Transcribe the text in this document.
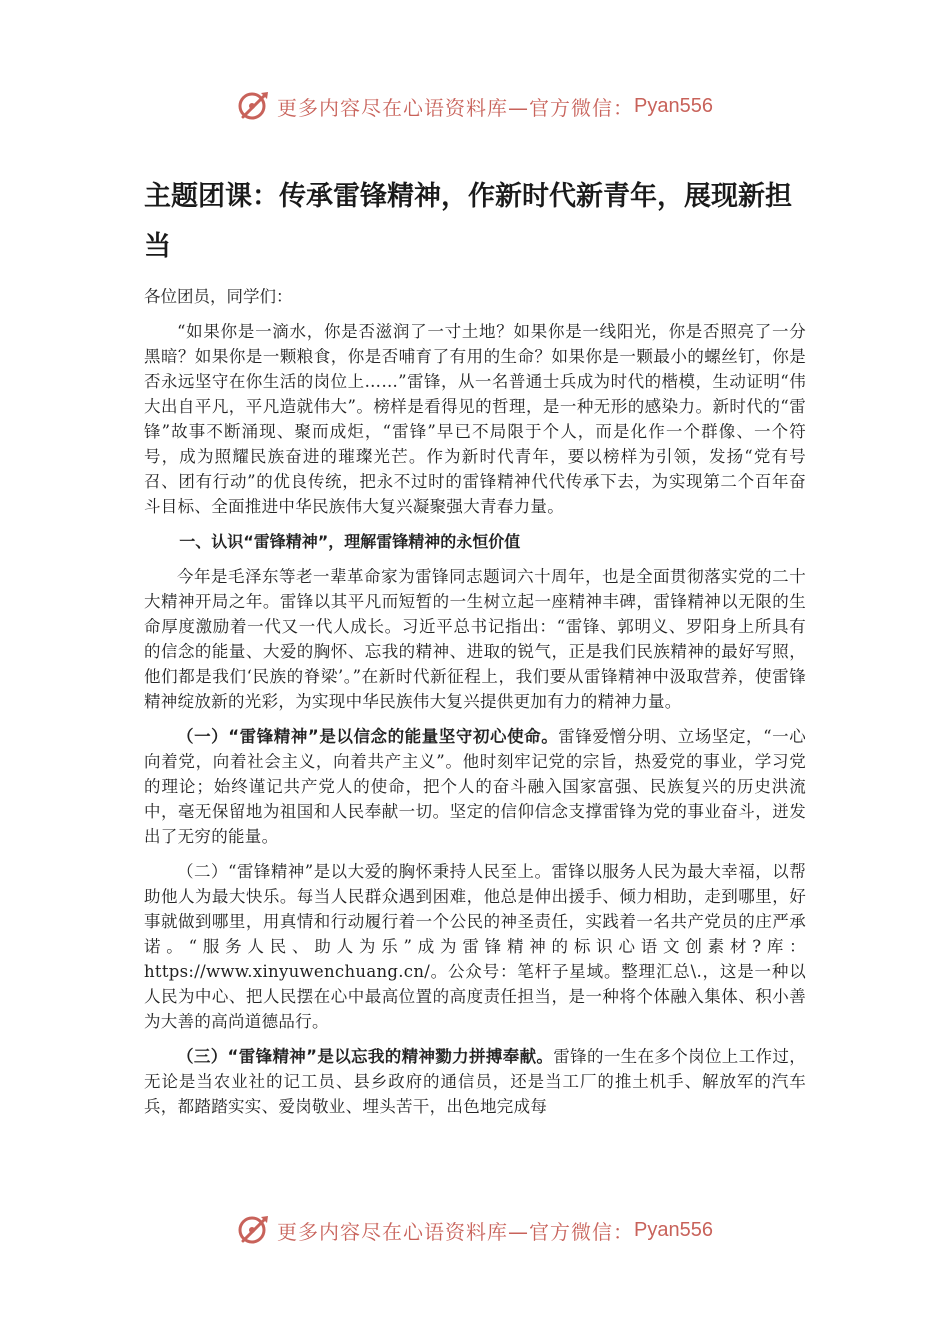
更多内容尽在心语资料库—官方微信： Pyan556
主题团课：传承雷锋精神，作新时代新青年，展现新担当
各位团员，同学们：

“如果你是一滴水，你是否滋润了一寸土地？如果你是一线阳光，你是否照亮了一分黑暗？如果你是一颗粮食，你是否哺育了有用的生命？如果你是一颗最小的螺丝钉，你是否永远坚守在你生活的岗位上……”雷锋，从一名普通士兵成为时代的楷模，生动证明“伟大出自平凡，平凡造就伟大”。榜样是看得见的哲理，是一种无形的感染力。新时代的“雷锋”故事不断涌现、聚而成炬，“雷锋”早已不局限于个人，而是化作一个群像、一个符号，成为照耀民族奋进的璀璨光芒。作为新时代青年，要以榜样为引领，发扬“党有号召、团有行动”的优良传统，把永不过时的雷锋精神代代传承下去，为实现第二个百年奋斗目标、全面推进中华民族伟大复兴凝聚强大青春力量。

一、认识“雷锋精神”，理解雷锋精神的永恒价值

今年是毛泽东等老一辈革命家为雷锋同志题词六十周年，也是全面贯彻落实党的二十大精神开局之年。雷锋以其平凡而短暂的一生树立起一座精神丰碑，雷锋精神以无限的生命厚度激励着一代又一代人成长。习近平总书记指出：“雷锋、郭明义、罗阳身上所具有的信念的能量、大爱的胸怀、忘我的精神、进取的锐气，正是我们民族精神的最好写照，他们都是我们‘民族的脊梁’。”在新时代新征程上，我们要从雷锋精神中汲取营养，使雷锋精神绽放新的光彩，为实现中华民族伟大复兴提供更加有力的精神力量。

（一）“雷锋精神”是以信念的能量坚守初心使命。雷锋爱憎分明、立场坚定，“一心向着党，向着社会主义，向着共产主义”。他时刻牢记党的宗旨，热爱党的事业，学习党的理论；始终谨记共产党人的使命，把个人的奋斗融入国家富强、民族复兴的历史洪流中，毫无保留地为祖国和人民奉献一切。坚定的信仰信念支撑雷锋为党的事业奋斗，迸发出了无穷的能量。

（二）“雷锋精神”是以大爱的胸怀秉持人民至上。雷锋以服务人民为最大幸福，以帮助他人为最大快乐。每当人民群众遇到困难，他总是伸出援手、倾力相助，走到哪里，好事就做到哪里，用真情和行动履行着一个公民的神圣责任，实践着一名共产党员的庄严承诺。“服务人民、助人为乐”成为雷锋精神的标识心语文创素材?库：https://www.xinyuwenchuang.cn/。公众号：笔杆子星域。整理汇总\.，这是一种以人民为中心、把人民摆在心中最高位置的高度责任担当，是一种将个体融入集体、积小善为大善的高尚道德品行。

（三）“雷锋精神”是以忘我的精神勠力拼搏奉献。雷锋的一生在多个岗位上工作过，无论是当农业社的记工员、县乡政府的通信员，还是当工厂的推土机手、解放军的汽车兵，都踏踏实实、爱岗敬业、埋头苦干，出色地完成每

更多内容尽在心语资料库—官方微信： Pyan556
